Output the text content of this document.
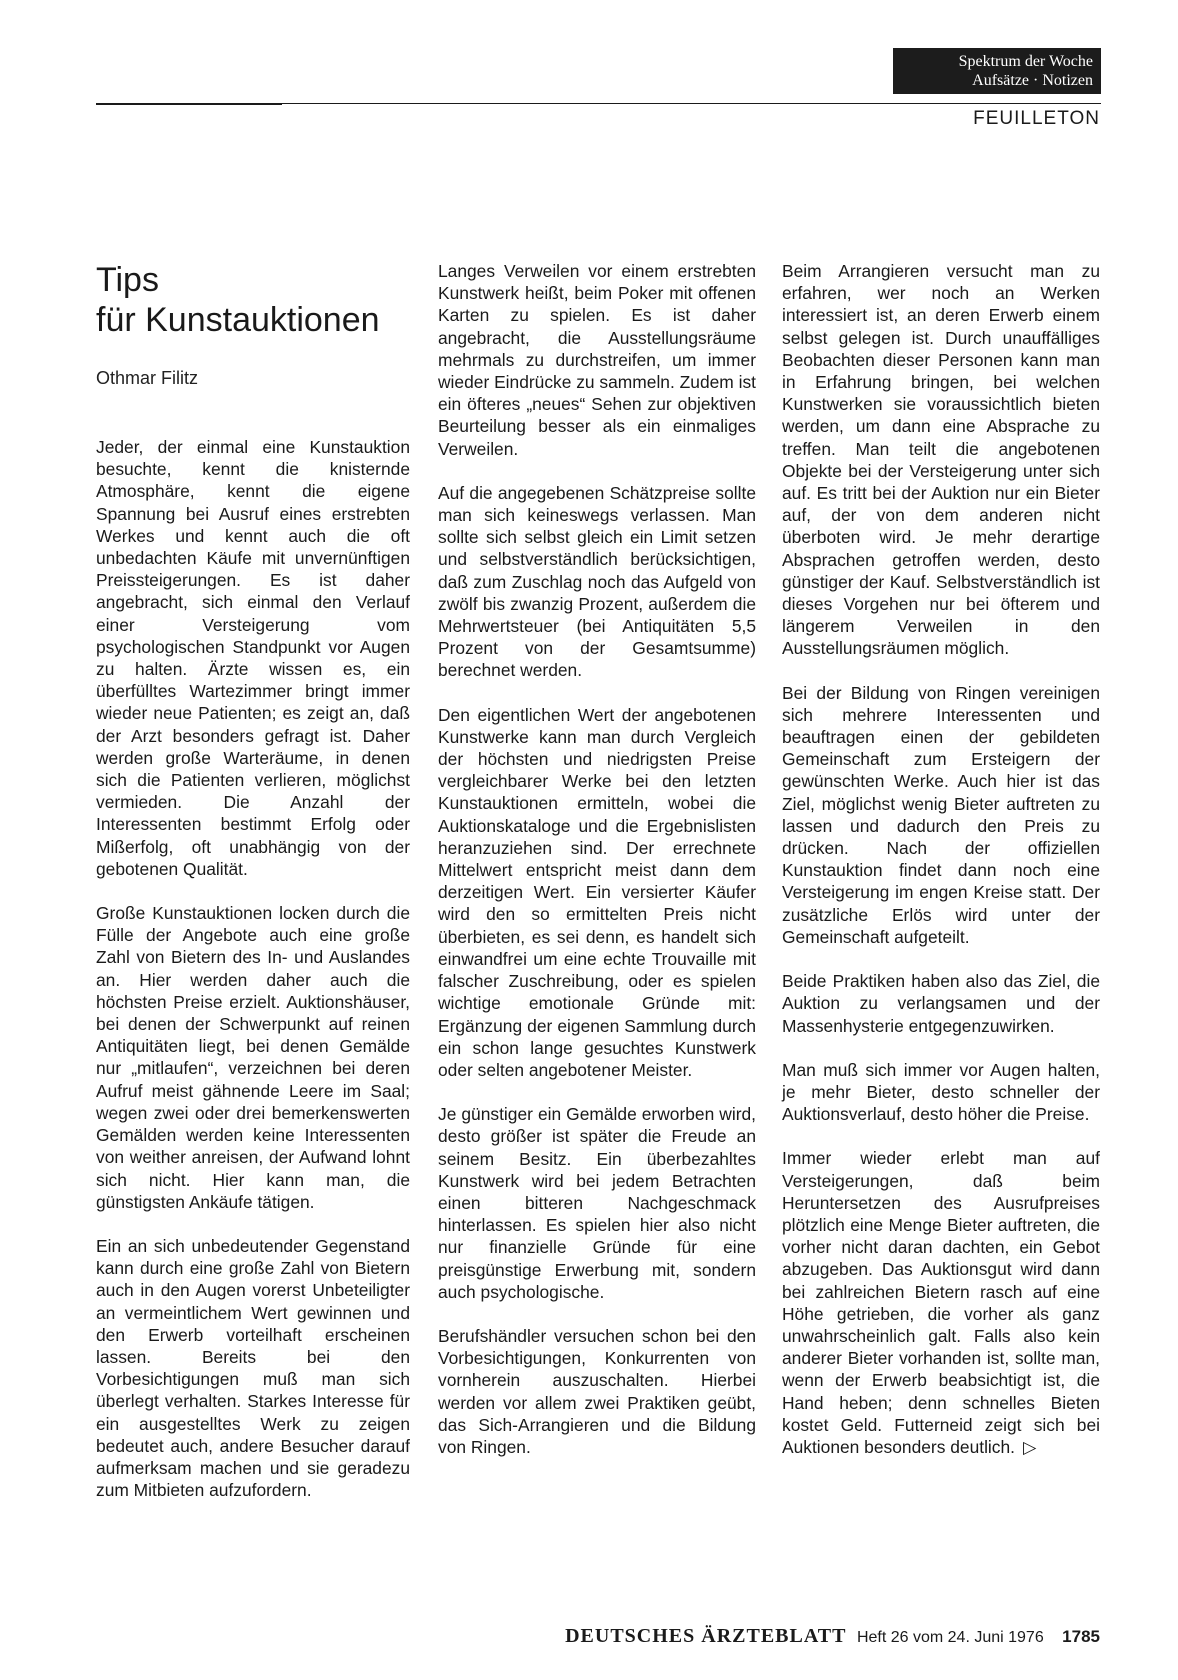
Spektrum der Woche
Aufsätze · Notizen
FEUILLETON
Tips
für Kunstauktionen
Othmar Filitz

Jeder, der einmal eine Kunstauktion besuchte, kennt die knisternde Atmosphäre, kennt die eigene Spannung bei Ausruf eines erstrebten Werkes und kennt auch die oft unbedachten Käufe mit unvernünftigen Preissteigerungen. Es ist daher angebracht, sich einmal den Verlauf einer Versteigerung vom psychologischen Standpunkt vor Augen zu halten. Ärzte wissen es, ein überfülltes Wartezimmer bringt immer wieder neue Patienten; es zeigt an, daß der Arzt besonders gefragt ist. Daher werden große Warteräume, in denen sich die Patienten verlieren, möglichst vermieden. Die Anzahl der Interessenten bestimmt Erfolg oder Mißerfolg, oft unabhängig von der gebotenen Qualität.

Große Kunstauktionen locken durch die Fülle der Angebote auch eine große Zahl von Bietern des In- und Auslandes an. Hier werden daher auch die höchsten Preise erzielt. Auktionshäuser, bei denen der Schwerpunkt auf reinen Antiquitäten liegt, bei denen Gemälde nur „mitlaufen“, verzeichnen bei deren Aufruf meist gähnende Leere im Saal; wegen zwei oder drei bemerkenswerten Gemälden werden keine Interessenten von weither anreisen, der Aufwand lohnt sich nicht. Hier kann man, die günstigsten Ankäufe tätigen.

Ein an sich unbedeutender Gegenstand kann durch eine große Zahl von Bietern auch in den Augen vorerst Unbeteiligter an vermeintlichem Wert gewinnen und den Erwerb vorteilhaft erscheinen lassen. Bereits bei den Vorbesichtigungen muß man sich überlegt verhalten. Starkes Interesse für ein ausgestelltes Werk zu zeigen bedeutet auch, andere Besucher darauf aufmerksam machen und sie geradezu zum Mitbieten aufzufordern.

Langes Verweilen vor einem erstrebten Kunstwerk heißt, beim Poker mit offenen Karten zu spielen. Es ist daher angebracht, die Ausstellungsräume mehrmals zu durchstreifen, um immer wieder Eindrücke zu sammeln. Zudem ist ein öfteres „neues“ Sehen zur objektiven Beurteilung besser als ein einmaliges Verweilen.

Auf die angegebenen Schätzpreise sollte man sich keineswegs verlassen. Man sollte sich selbst gleich ein Limit setzen und selbstverständlich berücksichtigen, daß zum Zuschlag noch das Aufgeld von zwölf bis zwanzig Prozent, außerdem die Mehrwertsteuer (bei Antiquitäten 5,5 Prozent von der Gesamtsumme) berechnet werden.

Den eigentlichen Wert der angebotenen Kunstwerke kann man durch Vergleich der höchsten und niedrigsten Preise vergleichbarer Werke bei den letzten Kunstauktionen ermitteln, wobei die Auktionskataloge und die Ergebnislisten heranzuziehen sind. Der errechnete Mittelwert entspricht meist dann dem derzeitigen Wert. Ein versierter Käufer wird den so ermittelten Preis nicht überbieten, es sei denn, es handelt sich einwandfrei um eine echte Trouvaille mit falscher Zuschreibung, oder es spielen wichtige emotionale Gründe mit: Ergänzung der eigenen Sammlung durch ein schon lange gesuchtes Kunstwerk oder selten angebotener Meister.

Je günstiger ein Gemälde erworben wird, desto größer ist später die Freude an seinem Besitz. Ein überbezahltes Kunstwerk wird bei jedem Betrachten einen bitteren Nachgeschmack hinterlassen. Es spielen hier also nicht nur finanzielle Gründe für eine preisgünstige Erwerbung mit, sondern auch psychologische.

Berufshändler versuchen schon bei den Vorbesichtigungen, Konkurrenten von vornherein auszuschalten. Hierbei werden vor allem zwei Praktiken geübt, das Sich-Arrangieren und die Bildung von Ringen.

Beim Arrangieren versucht man zu erfahren, wer noch an Werken interessiert ist, an deren Erwerb einem selbst gelegen ist. Durch unauffälliges Beobachten dieser Personen kann man in Erfahrung bringen, bei welchen Kunstwerken sie voraussichtlich bieten werden, um dann eine Absprache zu treffen. Man teilt die angebotenen Objekte bei der Versteigerung unter sich auf. Es tritt bei der Auktion nur ein Bieter auf, der von dem anderen nicht überboten wird. Je mehr derartige Absprachen getroffen werden, desto günstiger der Kauf. Selbstverständlich ist dieses Vorgehen nur bei öfterem und längerem Verweilen in den Ausstellungsräumen möglich.

Bei der Bildung von Ringen vereinigen sich mehrere Interessenten und beauftragen einen der gebildeten Gemeinschaft zum Ersteigern der gewünschten Werke. Auch hier ist das Ziel, möglichst wenig Bieter auftreten zu lassen und dadurch den Preis zu drücken. Nach der offiziellen Kunstauktion findet dann noch eine Versteigerung im engen Kreise statt. Der zusätzliche Erlös wird unter der Gemeinschaft aufgeteilt.

Beide Praktiken haben also das Ziel, die Auktion zu verlangsamen und der Massenhysterie entgegenzuwirken.

Man muß sich immer vor Augen halten, je mehr Bieter, desto schneller der Auktionsverlauf, desto höher die Preise.

Immer wieder erlebt man auf Versteigerungen, daß beim Heruntersetzen des Ausrufpreises plötzlich eine Menge Bieter auftreten, die vorher nicht daran dachten, ein Gebot abzugeben. Das Auktionsgut wird dann bei zahlreichen Bietern rasch auf eine Höhe getrieben, die vorher als ganz unwahrscheinlich galt. Falls also kein anderer Bieter vorhanden ist, sollte man, wenn der Erwerb beabsichtigt ist, die Hand heben; denn schnelles Bieten kostet Geld. Futterneid zeigt sich bei Auktionen besonders deutlich. ▷

DEUTSCHES ÄRZTEBLATT Heft 26 vom 24. Juni 1976 1785
